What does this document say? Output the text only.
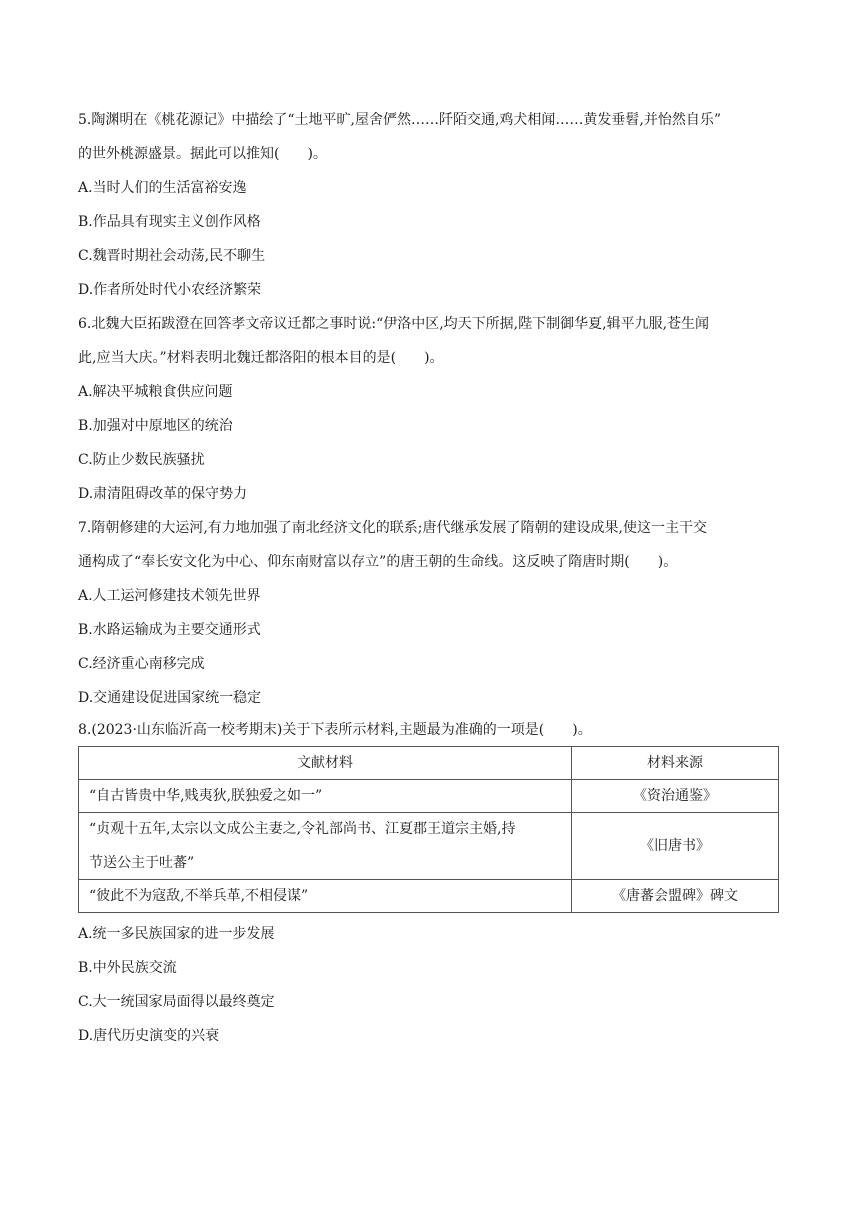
5.陶渊明在《桃花源记》中描绘了“土地平旷,屋舍俨然……阡陌交通,鸡犬相闻……黄发垂髫,并怡然自乐”
的世外桃源盛景。据此可以推知(　　)。
A.当时人们的生活富裕安逸
B.作品具有现实主义创作风格
C.魏晋时期社会动荡,民不聊生
D.作者所处时代小农经济繁荣
6.北魏大臣拓跋澄在回答孝文帝议迁都之事时说:“伊洛中区,均天下所据,陛下制御华夏,辑平九服,苍生闻
此,应当大庆。”材料表明北魏迁都洛阳的根本目的是(　　)。
A.解决平城粮食供应问题
B.加强对中原地区的统治
C.防止少数民族骚扰
D.肃清阻碍改革的保守势力
7.隋朝修建的大运河,有力地加强了南北经济文化的联系;唐代继承发展了隋朝的建设成果,使这一主干交
通构成了“奉长安文化为中心、仰东南财富以存立”的唐王朝的生命线。这反映了隋唐时期(　　)。
A.人工运河修建技术领先世界
B.水路运输成为主要交通形式
C.经济重心南移完成
D.交通建设促进国家统一稳定
8.(2023·山东临沂高一校考期末)关于下表所示材料,主题最为准确的一项是(　　)。
文献材料	材料来源
“自古皆贵中华,贱夷狄,朕独爱之如一”	《资治通鉴》

“贞观十五年,太宗以文成公主妻之,令礼部尚书、江夏郡王道宗主婚,持
节送公主于吐蕃”	《旧唐书》
“彼此不为寇敌,不举兵革,不相侵谋”	《唐蕃会盟碑》碑文
A.统一多民族国家的进一步发展
B.中外民族交流
C.大一统国家局面得以最终奠定
D.唐代历史演变的兴衰
